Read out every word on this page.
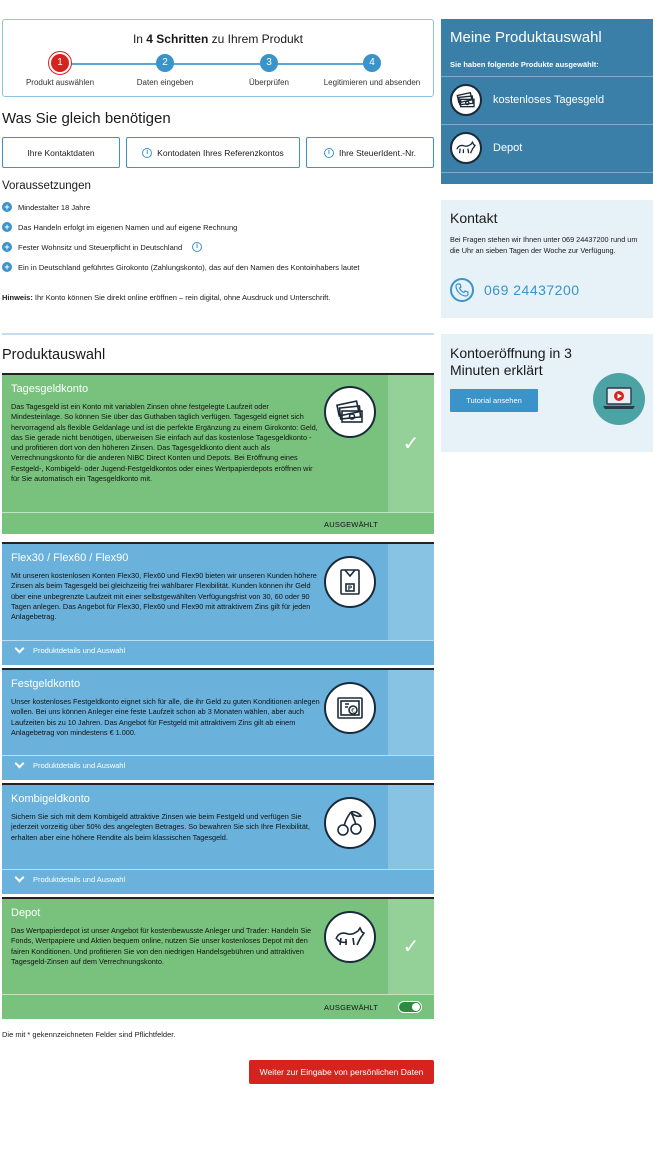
In 4 Schritten zu Ihrem Produkt
1
Produkt auswählen
2
Daten eingeben
3
Überprüfen
4
Legitimieren und absenden
Was Sie gleich benötigen
Ihre Kontaktdaten	i	Kontodaten Ihres Referenzkontos	i	Ihre SteuerIdent.-Nr.
Voraussetzungen
+	Mindestalter 18 Jahre
+	Das Handeln erfolgt im eigenen Namen und auf eigene Rechnung
+	Fester Wohnsitz und Steuerpflicht in Deutschland	i
+	Ein in Deutschland geführtes Girokonto (Zahlungskonto), das auf den Namen des Kontoinhabers lautet
Hinweis: Ihr Konto können Sie direkt online eröffnen – rein digital, ohne Ausdruck und Unterschrift.
Produktauswahl
Tagesgeldkonto
Das Tagesgeld ist ein Konto mit variablen Zinsen ohne festgelegte Laufzeit oder Mindesteinlage. So können Sie über das Guthaben täglich verfügen. Tagesgeld eignet sich hervorragend als flexible Geldanlage und ist die perfekte Ergänzung zu einem Girokonto: Geld, das Sie gerade nicht benötigen, überweisen Sie einfach auf das kostenlose Tagesgeldkonto - und profitieren dort von den höheren Zinsen. Das Tagesgeldkonto dient auch als Verrechnungskonto für die anderen NIBC Direct Konten und Depots. Bei Eröffnung eines Festgeld-, Kombigeld- oder Jugend-Festgeldkontos oder eines Wertpapierdepots eröffnen wir für Sie automatisch ein Tagesgeldkonto mit.
✓
AUSGEWÄHLT
Flex30 / Flex60 / Flex90
Mit unseren kostenlosen Konten Flex30, Flex60 und Flex90 bieten wir unseren Kunden höhere Zinsen als beim Tagesgeld bei gleichzeitig frei wählbarer Flexibilität. Kunden können ihr Geld über eine unbegrenzte Laufzeit mit einer selbstgewählten Verfügungsfrist von 30, 60 oder 90 Tagen anlegen. Das Angebot für Flex30, Flex60 und Flex90 mit attraktivem Zins gilt für jeden Anlagebetrag.
P
Produktdetails und Auswahl
Festgeldkonto
Unser kostenloses Festgeldkonto eignet sich für alle, die ihr Geld zu guten Konditionen anlegen wollen. Bei uns können Anleger eine feste Laufzeit schon ab 3 Monaten wählen, aber auch Laufzeiten bis zu 10 Jahren. Das Angebot für Festgeld mit attraktivem Zins gilt ab einem Anlagebetrag von mindestens € 1.000.
€
Produktdetails und Auswahl
Kombigeldkonto
Sichern Sie sich mit dem Kombigeld attraktive Zinsen wie beim Festgeld und verfügen Sie jederzeit vorzeitig über 50% des angelegten Betrages. So bewahren Sie sich Ihre Flexibilität, erhalten aber eine höhere Rendite als beim klassischen Tagesgeld.
Produktdetails und Auswahl
Depot
Das Wertpapierdepot ist unser Angebot für kostenbewusste Anleger und Trader: Handeln Sie Fonds, Wertpapiere und Aktien bequem online, nutzen Sie unser kostenloses Depot mit den fairen Konditionen. Und profitieren Sie von den niedrigen Handelsgebühren und attraktiven Tagesgeld-Zinsen auf dem Verrechnungskonto.
✓
AUSGEWÄHLT
Die mit * gekennzeichneten Felder sind Pflichtfelder.
Weiter zur Eingabe von persönlichen Daten
Meine Produktauswahl
Sie haben folgende Produkte ausgewählt:
kostenloses Tagesgeld
Depot
Kontakt
Bei Fragen stehen wir Ihnen unter 069 24437200 rund um die Uhr an sieben Tagen der Woche zur Verfügung.
069 24437200
Kontoeröffnung in 3 Minuten erklärt
Tutorial ansehen
